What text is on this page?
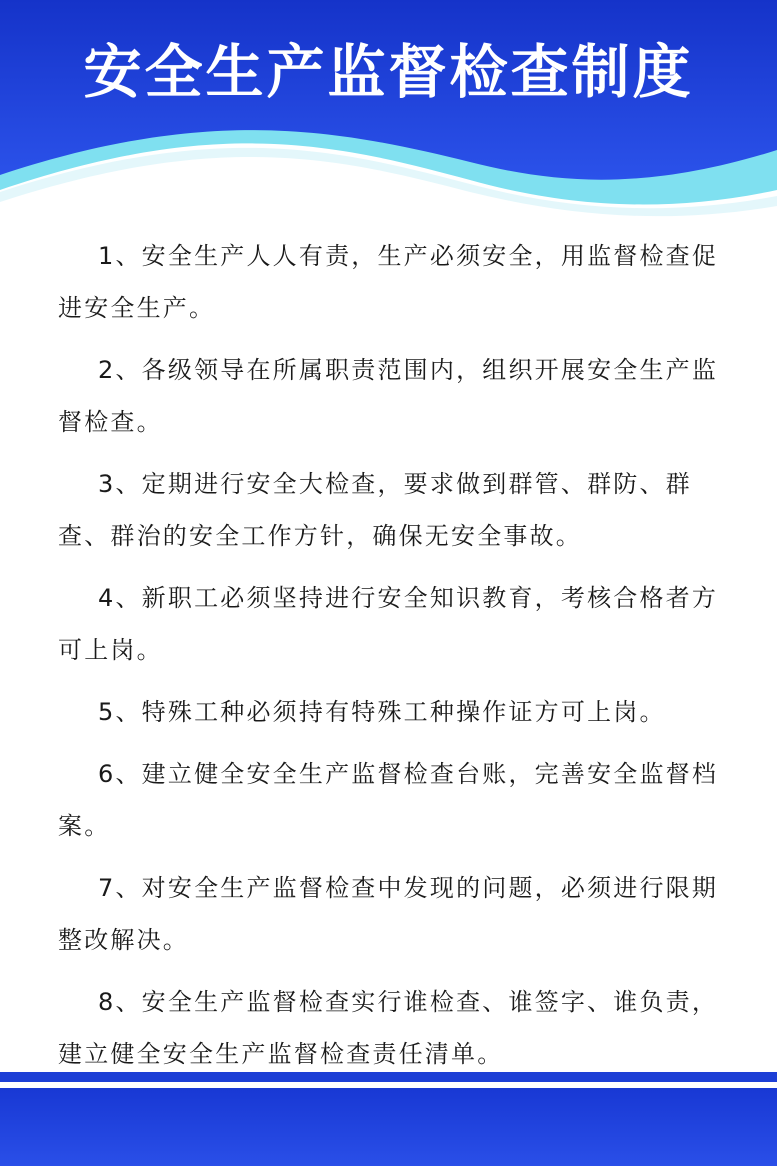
安全生产监督检查制度

1、安全生产人人有责，生产必须安全，用监督检查促进安全生产。

2、各级领导在所属职责范围内，组织开展安全生产监督检查。

3、定期进行安全大检查，要求做到群管、群防、群查、群治的安全工作方针，确保无安全事故。

4、新职工必须坚持进行安全知识教育，考核合格者方可上岗。

5、特殊工种必须持有特殊工种操作证方可上岗。

6、建立健全安全生产监督检查台账，完善安全监督档案。

7、对安全生产监督检查中发现的问题，必须进行限期整改解决。

8、安全生产监督检查实行谁检查、谁签字、谁负责，建立健全安全生产监督检查责任清单。
